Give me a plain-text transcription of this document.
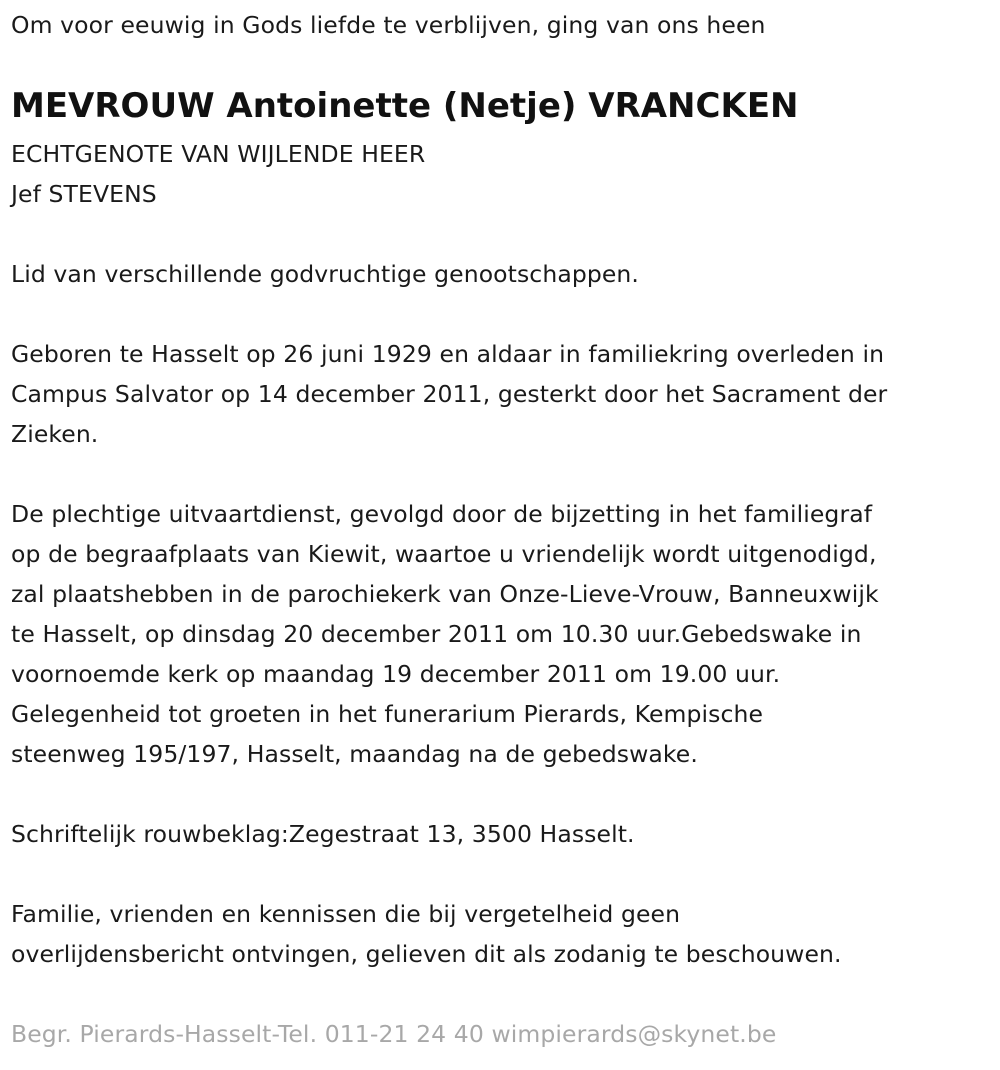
Om voor eeuwig in Gods liefde te verblijven, ging van ons heen
MEVROUW Antoinette (Netje) VRANCKEN
ECHTGENOTE VAN WIJLENDE HEER
Jef STEVENS
Lid van verschillende godvruchtige genootschappen.
Geboren te Hasselt op 26 juni 1929 en aldaar in familiekring overleden in
Campus Salvator op 14 december 2011, gesterkt door het Sacrament der
Zieken.
De plechtige uitvaartdienst, gevolgd door de bijzetting in het familiegraf
op de begraafplaats van Kiewit, waartoe u vriendelijk wordt uitgenodigd,
zal plaatshebben in de parochiekerk van Onze-Lieve-Vrouw, Banneuxwijk
te Hasselt, op dinsdag 20 december 2011 om 10.30 uur.Gebedswake in
voornoemde kerk op maandag 19 december 2011 om 19.00 uur.
Gelegenheid tot groeten in het funerarium Pierards, Kempische
steenweg 195/197, Hasselt, maandag na de gebedswake.
Schriftelijk rouwbeklag:Zegestraat 13, 3500 Hasselt.
Familie, vrienden en kennissen die bij vergetelheid geen
overlijdensbericht ontvingen, gelieven dit als zodanig te beschouwen.
Begr. Pierards-Hasselt-Tel. 011-21 24 40 wimpierards@skynet.be
